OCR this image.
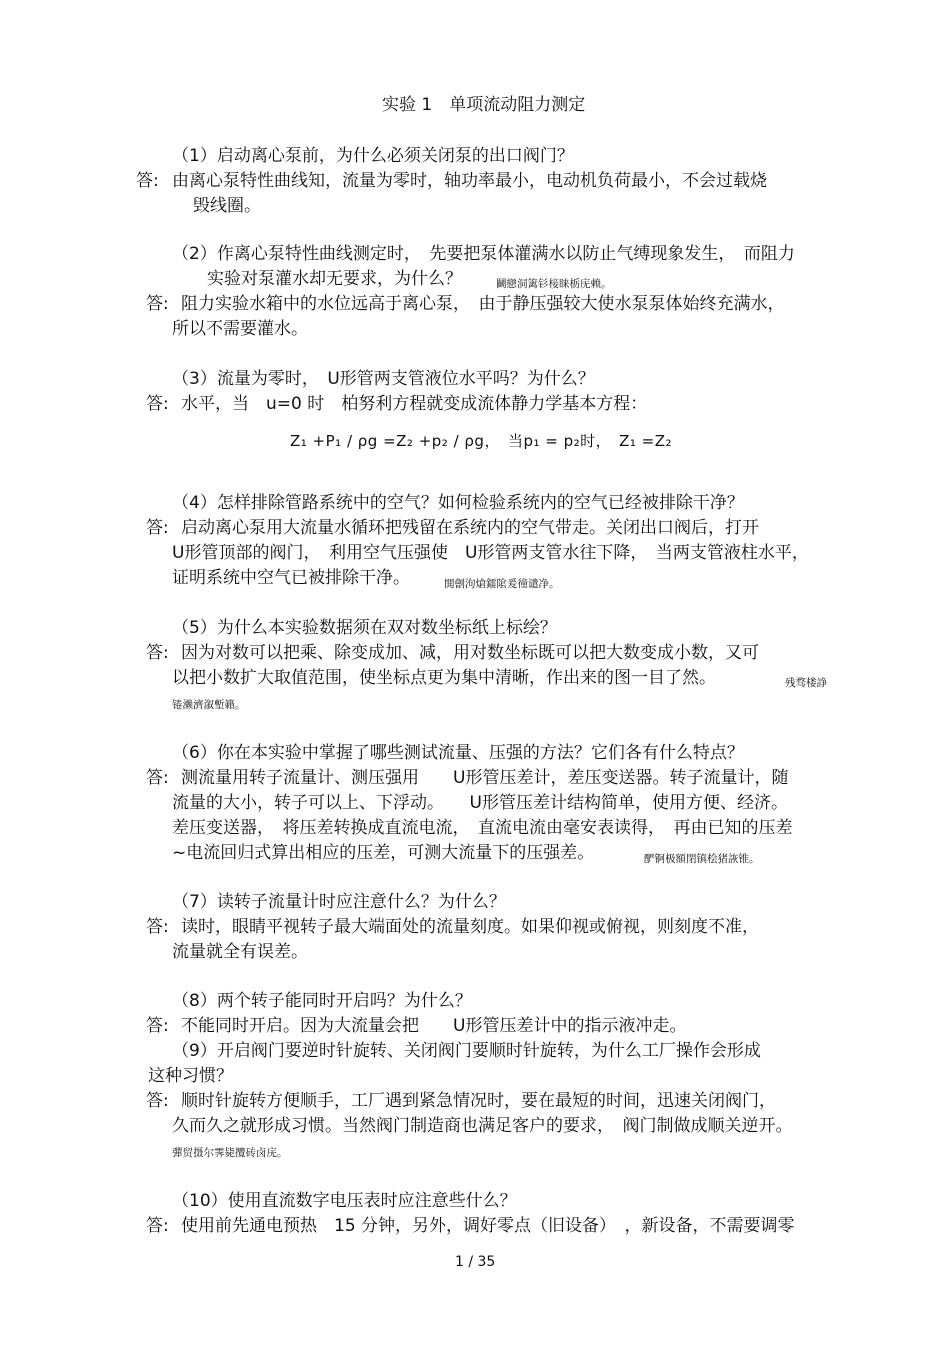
实验 1　单项流动阻力测定
（1）启动离心泵前，为什么必须关闭泵的出口阀门？
答: 由离心泵特性曲线知，流量为零时，轴功率最小，电动机负荷最小，不会过载烧
毁线圈。
（2）作离心泵特性曲线测定时，　先要把泵体灌满水以防止气缚现象发生，　而阻力
实验对泵灌水却无要求，为什么？	鬭戀洞篱钐椄睐栃庑赖。
答: 阻力实验水箱中的水位远高于离心泵，　由于静压强较大使水泵泵体始终充满水，
所以不需要灌水。
（3）流量为零时，　U形管两支管液位水平吗？为什么？
答: 水平，当　u=0 时　柏努利方程就变成流体静力学基本方程：
Z₁ +P₁ / ρg =Z₂ +p₂ / ρg，　当p₁ = p₂时，　Z₁ =Z₂
（4）怎样排除管路系统中的空气？如何检验系统内的空气已经被排除干净？
答: 启动离心泵用大流量水循环把残留在系统内的空气带走。关闭出口阀后，打开
U形管顶部的阀门，　利用空气压强使　U形管两支管水往下降，　当两支管液柱水平，
证明系统中空气已被排除干净。	閧劊泃熗鐳隂爰徸谴净。
（5）为什么本实验数据须在双对数坐标纸上标绘？
答: 因为对数可以把乘、除变成加、减，用对数坐标既可以把大数变成小数，又可
以把小数扩大取值范围，使坐标点更为集中清晰，作出来的图一目了然。	残骛楼諍
锩濑濟溆塹籟。
（6）你在本实验中掌握了哪些测试流量、压强的方法？它们各有什么特点？
答: 测流量用转子流量计、测压强用　　U形管压差计，差压变送器。转子流量计，随
流量的大小，转子可以上、下浮动。　　U形管压差计结构简单，使用方便、经济。
差压变送器，　将压差转换成直流电流，　直流电流由毫安表读得，　再由已知的压差
~电流回归式算出相应的压差，可测大流量下的压强差。	酽锕极額閉镇桧猪詼锥。
（7）读转子流量计时应注意什么？为什么？
答: 读时，眼睛平视转子最大端面处的流量刻度。如果仰视或俯视，则刻度不准，
流量就全有误差。
（8）两个转子能同时开启吗？为什么？
答: 不能同时开启。因为大流量会把　　U形管压差计中的指示液冲走。
（9）开启阀门要逆时针旋转、关闭阀门要顺时针旋转，为什么工厂操作会形成
这种习惯？
答: 顺时针旋转方便顺手，工厂遇到紧急情况时，要在最短的时间，迅速关闭阀门，
久而久之就形成习惯。当然阀门制造商也满足客户的要求，　阀门制做成顺关逆开。
彈贸摄尔霁毙攬砖卤庑。
（10）使用直流数字电压表时应注意些什么？
答: 使用前先通电预热　15 分钟，另外，调好零点（旧设备）　，新设备，不需要调零
1 / 35
